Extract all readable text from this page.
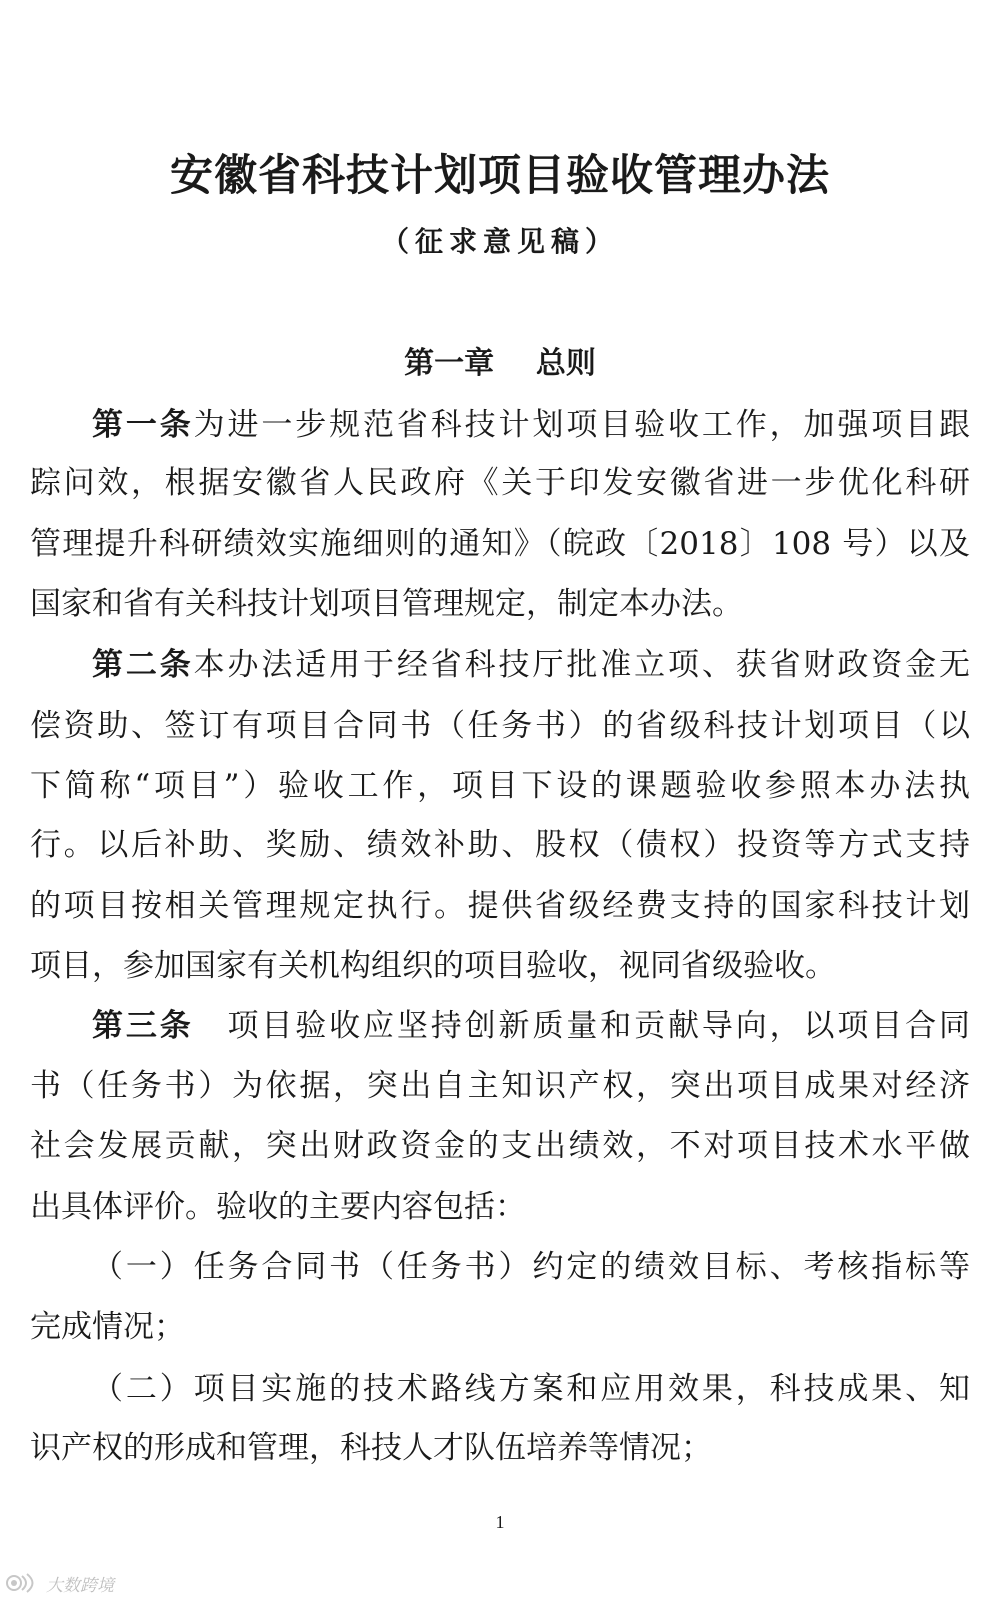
安徽省科技计划项目验收管理办法
（征求意见稿）
第一章    总则
第一条为进一步规范省科技计划项目验收工作，加强项目跟
踪问效，根据安徽省人民政府《关于印发安徽省进一步优化科研
管理提升科研绩效实施细则的通知》（皖政〔2018〕108 号）以及
国家和省有关科技计划项目管理规定，制定本办法。
第二条本办法适用于经省科技厅批准立项、获省财政资金无
偿资助、签订有项目合同书（任务书）的省级科技计划项目（以
下简称“项目”）验收工作，项目下设的课题验收参照本办法执
行。以后补助、奖励、绩效补助、股权（债权）投资等方式支持
的项目按相关管理规定执行。提供省级经费支持的国家科技计划
项目，参加国家有关机构组织的项目验收，视同省级验收。
第三条　项目验收应坚持创新质量和贡献导向，以项目合同
书（任务书）为依据，突出自主知识产权，突出项目成果对经济
社会发展贡献，突出财政资金的支出绩效，不对项目技术水平做
出具体评价。验收的主要内容包括：
（一）任务合同书（任务书）约定的绩效目标、考核指标等
完成情况；
（二）项目实施的技术路线方案和应用效果，科技成果、知
识产权的形成和管理，科技人才队伍培养等情况；
1
大数跨境
